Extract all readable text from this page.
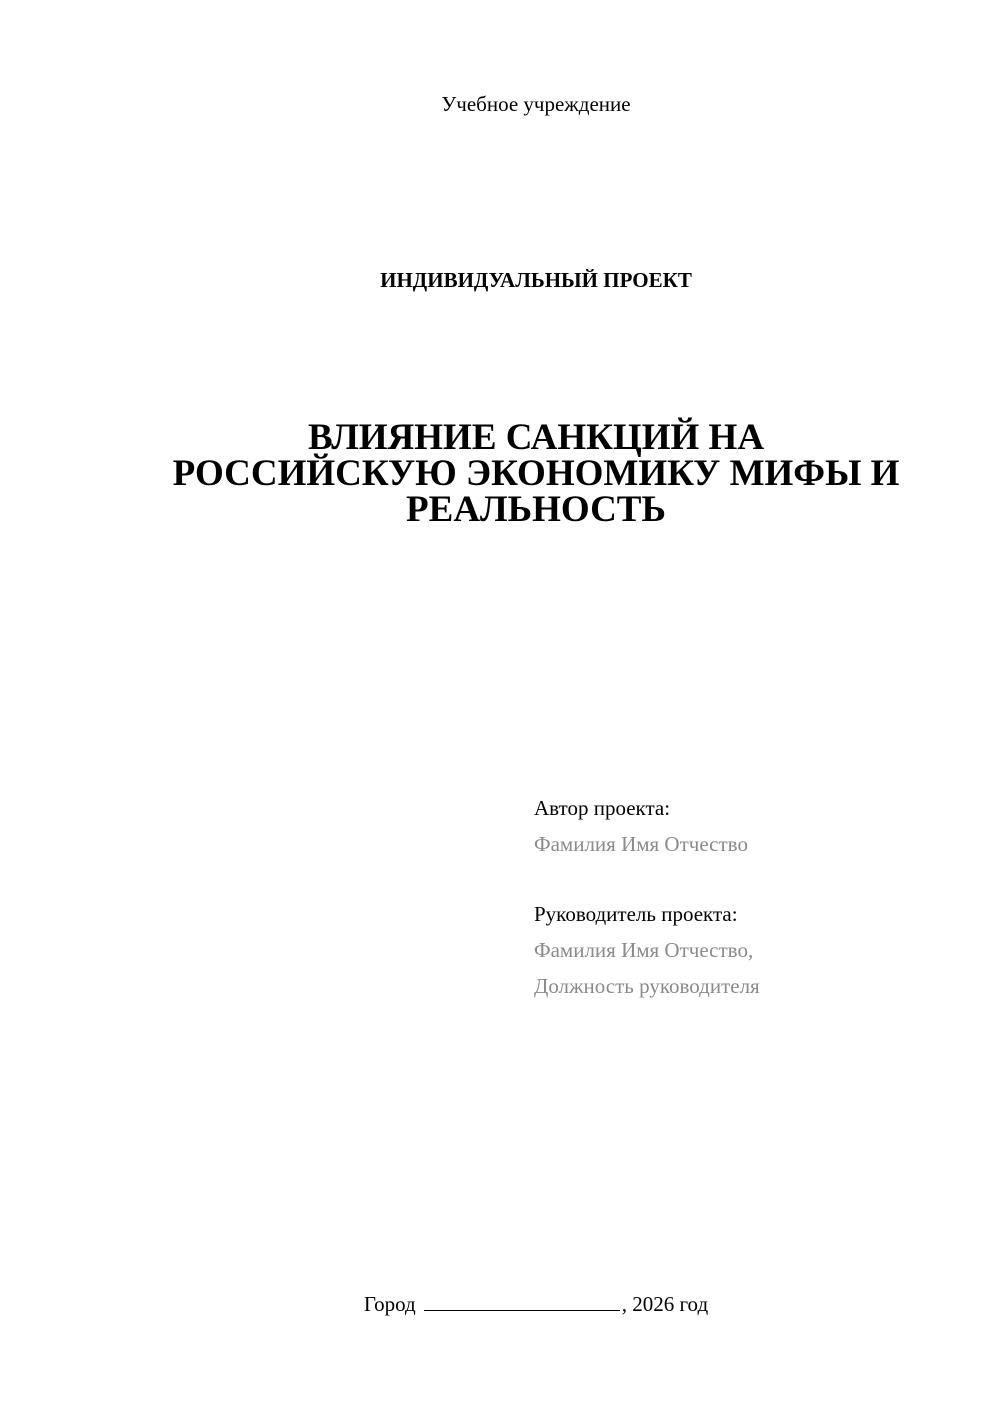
Учебное учреждение
ИНДИВИДУАЛЬНЫЙ ПРОЕКТ
ВЛИЯНИЕ САНКЦИЙ НА
РОССИЙСКУЮ ЭКОНОМИКУ МИФЫ И
РЕАЛЬНОСТЬ
Автор проекта:
Фамилия Имя Отчество
Руководитель проекта:
Фамилия Имя Отчество,
Должность руководителя
Город	, 2026 год
